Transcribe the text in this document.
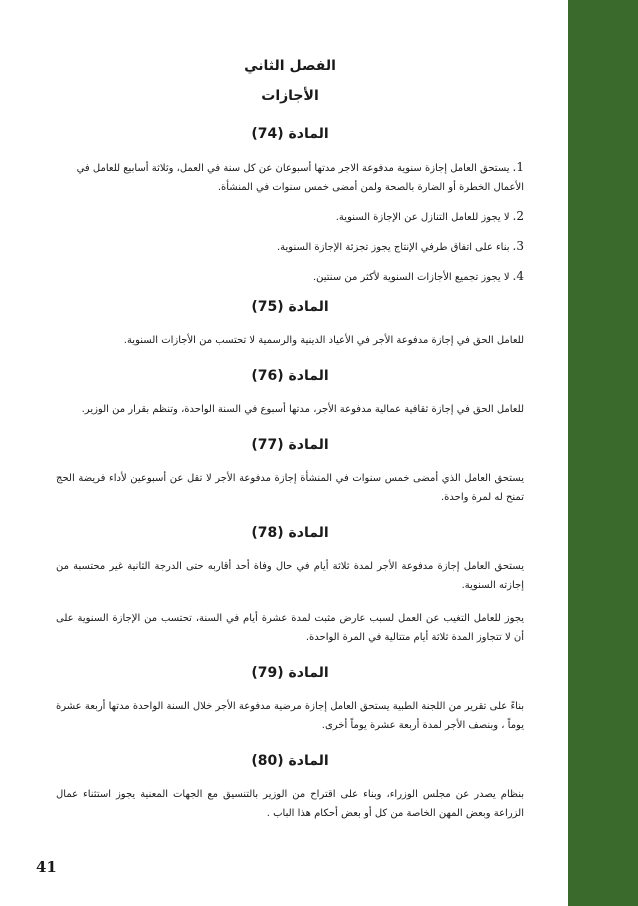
الفصل الثاني
الأجازات
المادة (74)
1.يستحق العامل إجازة سنوية مدفوعة الاجر مدتها أسبوعان عن كل سنة في العمل، وثلاثة أسابيع للعامل في الأعمال الخطرة أو الضارة بالصحة ولمن أمضى خمس سنوات في المنشأة.
2.لا يجوز للعامل التنازل عن الإجازة السنوية.
3.بناء على اتفاق طرفي الإنتاج يجوز تجزئة الإجازة السنوية.
4.لا يجوز تجميع الأجازات السنوية لأكثر من سنتين.
المادة (75)

للعامل الحق في إجازة مدفوعة الأجر في الأعياد الدينية والرسمية لا تحتسب من الأجازات السنوية.

المادة (76)

للعامل الحق في إجازة ثقافية عمالية مدفوعة الأجر، مدتها أسبوع في السنة الواحدة، وتنظم بقرار من الوزير.

المادة (77)

يستحق العامل الذي أمضى خمس سنوات في المنشأة إجازة مدفوعة الأجر لا تقل عن أسبوعين لأداء فريضة الحج تمنح له لمرة واحدة.

المادة (78)

يستحق العامل إجازة مدفوعة الأجر لمدة ثلاثة أيام في حال وفاة أحد أقاربه حتى الدرجة الثانية غير محتسبة من إجازته السنوية.

يجوز للعامل التغيب عن العمل لسبب عارض مثبت لمدة عشرة أيام في السنة، تحتسب من الإجازة السنوية على أن لا تتجاوز المدة ثلاثة أيام متتالية في المرة الواحدة.

المادة (79)

بناءً على تقرير من اللجنة الطبية يستحق العامل إجازة مرضية مدفوعة الأجر خلال السنة الواحدة مدتها أربعة عشرة يوماً ، وبنصف الأجر لمدة أربعة عشرة يوماً أخرى.

المادة (80)

بنظام يصدر عن مجلس الوزراء، وبناء على اقتراح من الوزير بالتنسيق مع الجهات المعنية يجوز استثناء عمال الزراعة وبعض المهن الخاصة من كل أو بعض أحكام هذا الباب .

41
